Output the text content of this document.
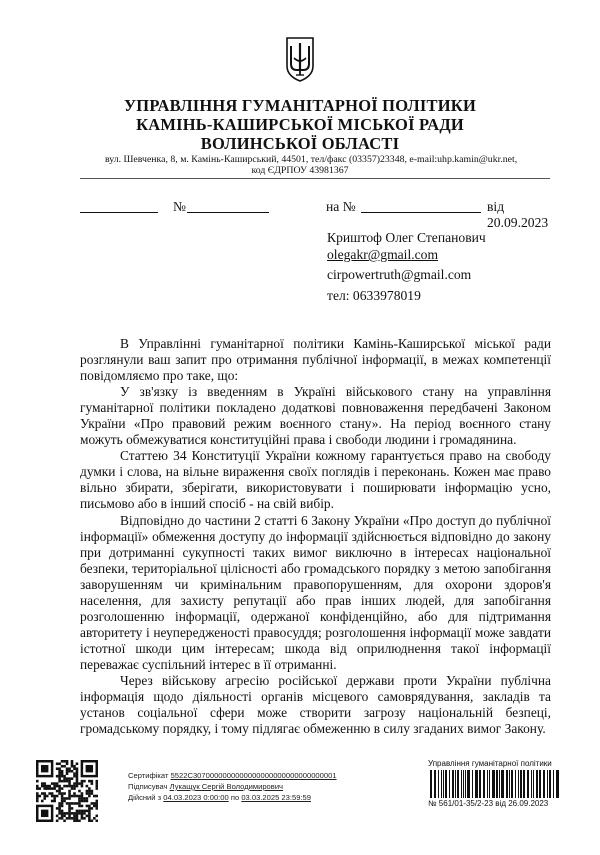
УПРАВЛІННЯ ГУМАНІТАРНОЇ ПОЛІТИКИ
КАМІНЬ-КАШИРСЬКОЇ МІСЬКОЇ РАДИ
ВОЛИНСЬКОЇ ОБЛАСТІ
вул. Шевченка, 8, м. Камінь-Каширський, 44501, тел/факс (03357)23348, e-mail:uhp.kamin@ukr.net,
код ЄДРПОУ 43981367
№	на №	від 20.09.2023
Криштоф Олег Степанович
olegakr@gmail.com
cirpowertruth@gmail.com
тел: 0633978019

В Управлінні гуманітарної політики Камінь-Каширської міської ради розглянули ваш запит про отримання публічної інформації, в межах компетенції повідомляємо про таке, що:

У зв'язку із введенням в Україні військового стану на управління гуманітарної політики покладено додаткові повноваження передбачені Законом України «Про правовий режим воєнного стану». На період воєнного стану можуть обмежуватися конституційні права і свободи людини і громадянина.

Статтею 34 Конституції України кожному гарантується право на свободу думки і слова, на вільне вираження своїх поглядів і переконань. Кожен має право вільно збирати, зберігати, використовувати і поширювати інформацію усно, письмово або в інший спосіб - на свій вибір.

Відповідно до частини 2 статті 6 Закону України «Про доступ до публічної інформації» обмеження доступу до інформації здійснюється відповідно до закону при дотриманні сукупності таких вимог виключно в інтересах національної безпеки, територіальної цілісності або громадського порядку з метою запобігання заворушенням чи кримінальним правопорушенням, для охорони здоров'я населення, для захисту репутації або прав інших людей, для запобігання розголошенню інформації, одержаної конфіденційно, або для підтримання авторитету і неупередженості правосуддя; розголошення інформації може завдати істотної шкоди цим інтересам; шкода від оприлюднення такої інформації переважає суспільний інтерес в її отриманні.

Через військову агресію російської держави проти України публічна інформація щодо діяльності органів місцевого самоврядування, закладів та установ соціальної сфери може створити загрозу національній безпеці, громадському порядку, і тому підлягає обмеженню в силу згаданих вимог Закону.

Сертифікат 5522C3070000000000000000000000000000001
Підписувач Лукащук Сергій Володимирович
Дійсний з 04.03.2023 0:00:00 по 03.03.2025 23:59:59
Управління гуманітарної політики
№ 561/01-35/2-23 від 26.09.2023
